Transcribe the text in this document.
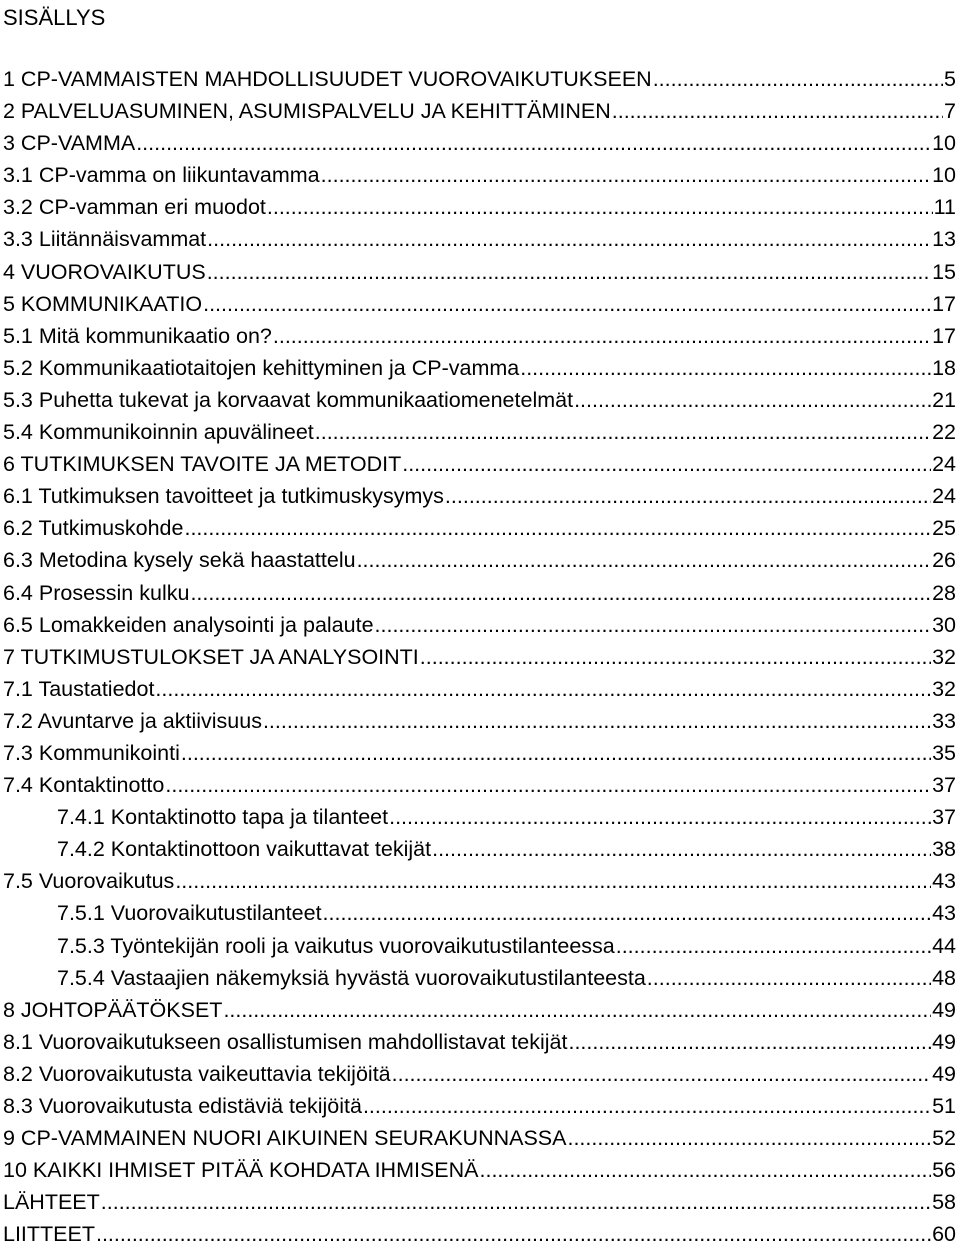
SISÄLLYS
1 CP-VAMMAISTEN MAHDOLLISUUDET VUOROVAIKUTUKSEEN .....	5
2 PALVELUASUMINEN, ASUMISPALVELU JA KEHITTÄMINEN .....	7
3 CP-VAMMA .....	10
3.1 CP-vamma on liikuntavamma .....	10
3.2 CP-vamman eri muodot .....	11
3.3 Liitännäisvammat .....	13
4 VUOROVAIKUTUS .....	15
5 KOMMUNIKAATIO .....	17
5.1 Mitä kommunikaatio on? .....	17
5.2 Kommunikaatiotaitojen kehittyminen ja CP-vamma .....	18
5.3 Puhetta tukevat ja korvaavat kommunikaatiomenetelmät .....	21
5.4 Kommunikoinnin apuvälineet .....	22
6 TUTKIMUKSEN TAVOITE JA METODIT .....	24
6.1 Tutkimuksen tavoitteet ja tutkimuskysymys .....	24
6.2 Tutkimuskohde .....	25
6.3 Metodina kysely sekä haastattelu .....	26
6.4 Prosessin kulku .....	28
6.5 Lomakkeiden analysointi ja palaute .....	30
7 TUTKIMUSTULOKSET JA ANALYSOINTI .....	32
7.1 Taustatiedot .....	32
7.2 Avuntarve ja aktiivisuus .....	33
7.3 Kommunikointi .....	35
7.4 Kontaktinotto .....	37
7.4.1 Kontaktinotto tapa ja tilanteet .....	37
7.4.2 Kontaktinottoon vaikuttavat tekijät .....	38
7.5 Vuorovaikutus .....	43
7.5.1 Vuorovaikutustilanteet .....	43
7.5.3 Työntekijän rooli ja vaikutus vuorovaikutustilanteessa .....	44
7.5.4 Vastaajien näkemyksiä hyvästä vuorovaikutustilanteesta .....	48
8 JOHTOPÄÄTÖKSET .....	49
8.1 Vuorovaikutukseen osallistumisen mahdollistavat tekijät .....	49
8.2 Vuorovaikutusta vaikeuttavia tekijöitä .....	49
8.3 Vuorovaikutusta edistäviä tekijöitä .....	51
9 CP-VAMMAINEN NUORI AIKUINEN SEURAKUNNASSA .....	52
10 KAIKKI IHMISET PITÄÄ KOHDATA IHMISENÄ .....	56
LÄHTEET .....	58
LIITTEET .....	60
